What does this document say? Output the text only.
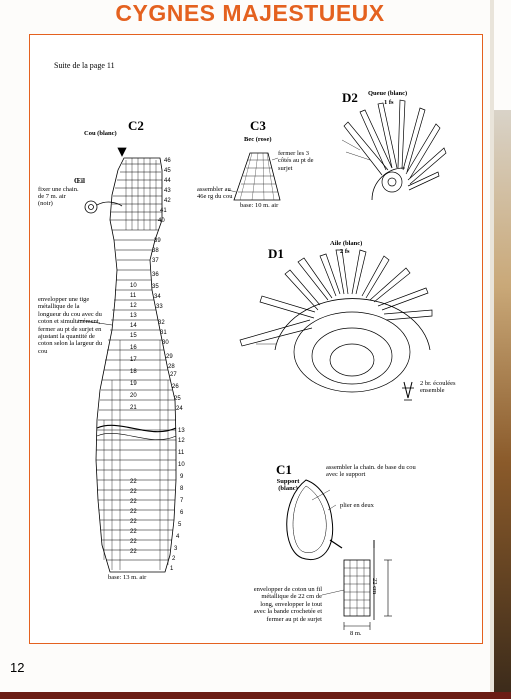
CYGNES MAJESTUEUX
Suite de la page 11
C2
Cou (blanc)
Œil
fixer une chain. de 7 m. air (noir)
envelopper une tige métallique de la longueur du cou avec du coton et simultanément, fermer au pt de surjet en ajustant la quantité de coton selon la largeur du cou
base: 13 m. air
46
45
44
43
42
41
40
39
38
37
36
35
34
33
32
31
30
29
28
27
26
25
24
13
12
11
10
9
8
7
6
5
4
3
2
1
10
11
12
13
14
15
16
17
18
19
20
21
22
22
22
22
22
22
22
22
C3
Bec (rose)
fermer les 3 côtés au pt de surjet
assembler au 46e rg du cou
base: 10 m. air
D2 Queue (blanc)
1 fs
D1
Aile (blanc)
2 fs
2 br. écoulées ensemble
C1
Support (blanc)
assembler la chain. de base du cou avec le support
plier en deux
envelopper de coton un fil métallique de 22 cm de long, envelopper le tout avec la bande crochetée et fermer au pt de surjet
22 cm
8 m.
12
